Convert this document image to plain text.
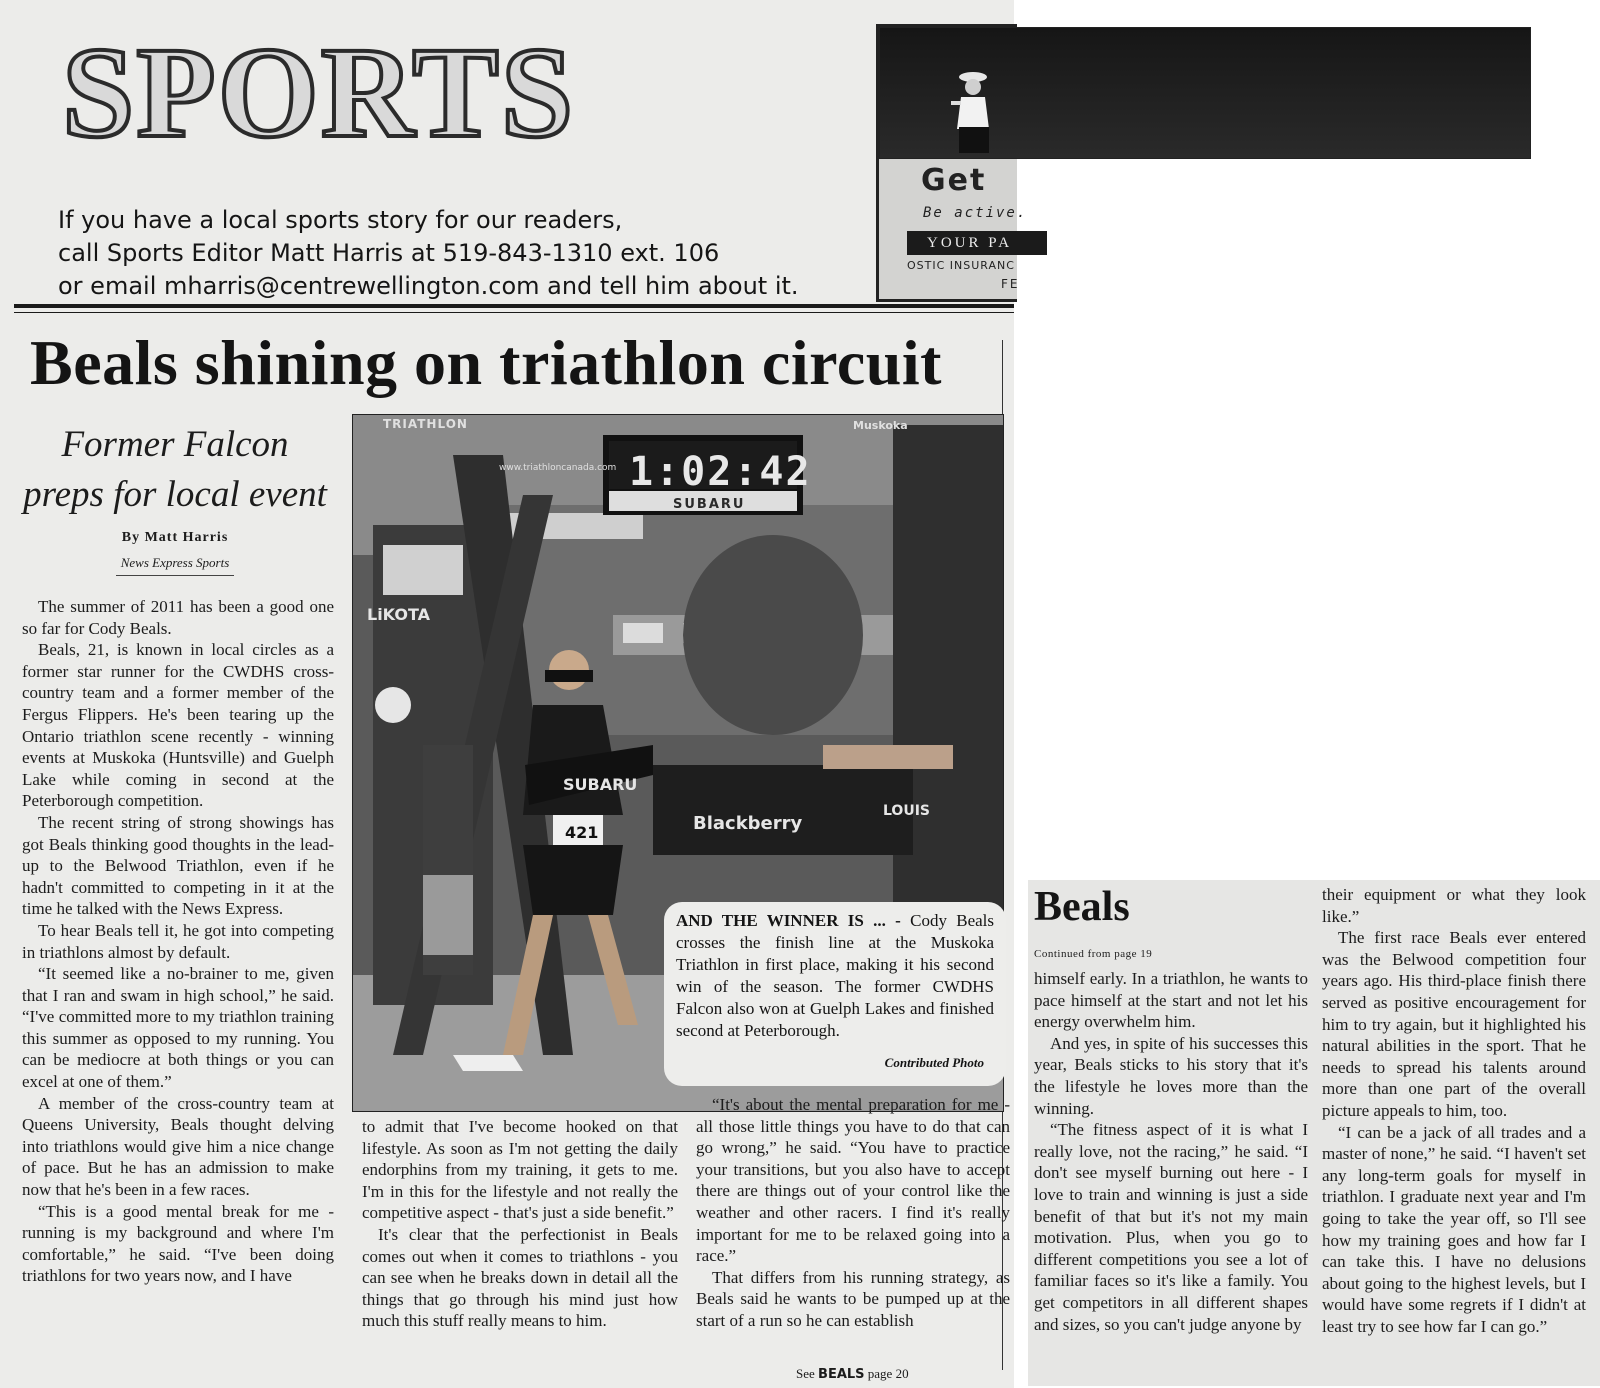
SPORTS
If you have a local sports story for our readers,
call Sports Editor Matt Harris at 519-843-1310 ext. 106
or email mharris@centrewellington.com and tell him about it.
Get
Be active.
YOUR PA
OSTIC INSURANC
FE
Beals shining on triathlon circuit
Former Falcon
preps for local event
By Matt Harris
News Express Sports

The summer of 2011 has been a good one so far for Cody Beals.

Beals, 21, is known in local circles as a former star runner for the CWDHS cross-country team and a former member of the Fergus Flippers. He's been tearing up the Ontario triathlon scene recently - winning events at Muskoka (Huntsville) and Guelph Lake while coming in second at the Peterborough competition.

The recent string of strong showings has got Beals thinking good thoughts in the lead-up to the Belwood Triathlon, even if he hadn't committed to competing in it at the time he talked with the News Express.

To hear Beals tell it, he got into competing in triathlons almost by default.

“It seemed like a no-brainer to me, given that I ran and swam in high school,” he said. “I've committed more to my triathlon training this summer as opposed to my running. You can be mediocre at both things or you can excel at one of them.”

A member of the cross-country team at Queens University, Beals thought delving into triathlons would give him a nice change of pace. But he has an admission to make now that he's been in a few races.

“This is a good mental break for me - running is my background and where I'm comfortable,” he said. “I've been doing triathlons for two years now, and I have

1:02:42
SUBARU
TRIATHLON	Muskoka
www.triathloncanada.com
LiKOTA
421
SUBARU
Blackberry
LOUIS
AND THE WINNER IS ... - Cody Beals crosses the finish line at the Muskoka Triathlon in first place, making it his second win of the season. The former CWDHS Falcon also won at Guelph Lakes and finished second at Peterborough.
Contributed Photo

to admit that I've become hooked on that lifestyle. As soon as I'm not getting the daily endorphins from my training, it gets to me. I'm in this for the lifestyle and not really the competitive aspect - that's just a side benefit.”

It's clear that the perfectionist in Beals comes out when it comes to triathlons - you can see when he breaks down in detail all the things that go through his mind just how much this stuff really means to him.

“It's about the mental preparation for me - all those little things you have to do that can go wrong,” he said. “You have to practice your transitions, but you also have to accept there are things out of your control like the weather and other racers. I find it's really important for me to be relaxed going into a race.”

That differs from his running strategy, as Beals said he wants to be pumped up at the start of a run so he can establish

See BEALS page 20
Beals
Continued from page 19

himself early. In a triathlon, he wants to pace himself at the start and not let his energy overwhelm him.

And yes, in spite of his successes this year, Beals sticks to his story that it's the lifestyle he loves more than the winning.

“The fitness aspect of it is what I really love, not the racing,” he said. “I don't see myself burning out here - I love to train and winning is just a side benefit of that but it's not my main motivation. Plus, when you go to different competitions you see a lot of familiar faces so it's like a family. You get competitors in all different shapes and sizes, so you can't judge anyone by

their equipment or what they look like.”

The first race Beals ever entered was the Belwood competition four years ago. His third-place finish there served as positive encouragement for him to try again, but it highlighted his natural abilities in the sport. That he needs to spread his talents around more than one part of the overall picture appeals to him, too.

“I can be a jack of all trades and a master of none,” he said. “I haven't set any long-term goals for myself in triathlon. I graduate next year and I'm going to take the year off, so I'll see how my training goes and how far I can take this. I have no delusions about going to the highest levels, but I would have some regrets if I didn't at least try to see how far I can go.”
